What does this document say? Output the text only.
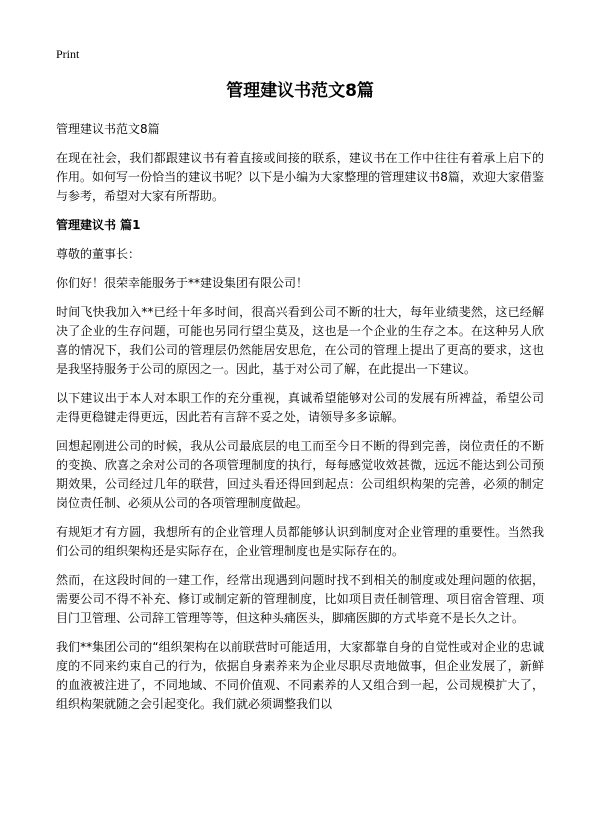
Print
管理建议书范文8篇
管理建议书范文8篇

在现在社会，我们都跟建议书有着直接或间接的联系，建议书在工作中往往有着承上启下的作用。如何写一份恰当的建议书呢？以下是小编为大家整理的管理建议书8篇，欢迎大家借鉴与参考，希望对大家有所帮助。

管理建议书 篇1

尊敬的董事长：

你们好！很荣幸能服务于**建设集团有限公司！

时间飞快我加入**已经十年多时间，很高兴看到公司不断的壮大，每年业绩斐然，这已经解决了企业的生存问题，可能也另同行望尘莫及，这也是一个企业的生存之本。在这种另人欣喜的情况下，我们公司的管理层仍然能居安思危，在公司的管理上提出了更高的要求，这也是我坚持服务于公司的原因之一。因此，基于对公司了解，在此提出一下建议。

以下建议出于本人对本职工作的充分重视，真诚希望能够对公司的发展有所裨益，希望公司走得更稳键走得更远，因此若有言辞不妥之处，请领导多多谅解。

回想起刚进公司的时候，我从公司最底层的电工而至今日不断的得到完善，岗位责任的不断的变换、欣喜之余对公司的各项管理制度的执行，每每感觉收效甚微，远远不能达到公司预期效果，公司经过几年的联营，回过头看还得回到起点：公司组织构架的完善，必须的制定岗位责任制、必须从公司的各项管理制度做起。

有规矩才有方圆，我想所有的企业管理人员都能够认识到制度对企业管理的重要性。当然我们公司的组织架构还是实际存在，企业管理制度也是实际存在的。

然而，在这段时间的一建工作，经常出现遇到问题时找不到相关的制度或处理问题的依据，需要公司不得不补充、修订或制定新的管理制度，比如项目责任制管理、项目宿舍管理、项目门卫管理、公司辞工管理等等，但这种头痛医头，脚痛医脚的方式毕竟不是长久之计。

我们**集团公司的“组织架构在以前联营时可能适用，大家都靠自身的自觉性或对企业的忠诚度的不同来约束自己的行为，依据自身素养来为企业尽职尽责地做事，但企业发展了，新鲜的血液被注进了，不同地域、不同价值观、不同素养的人又组合到一起，公司规模扩大了，组织构架就随之会引起变化。我们就必须调整我们以
